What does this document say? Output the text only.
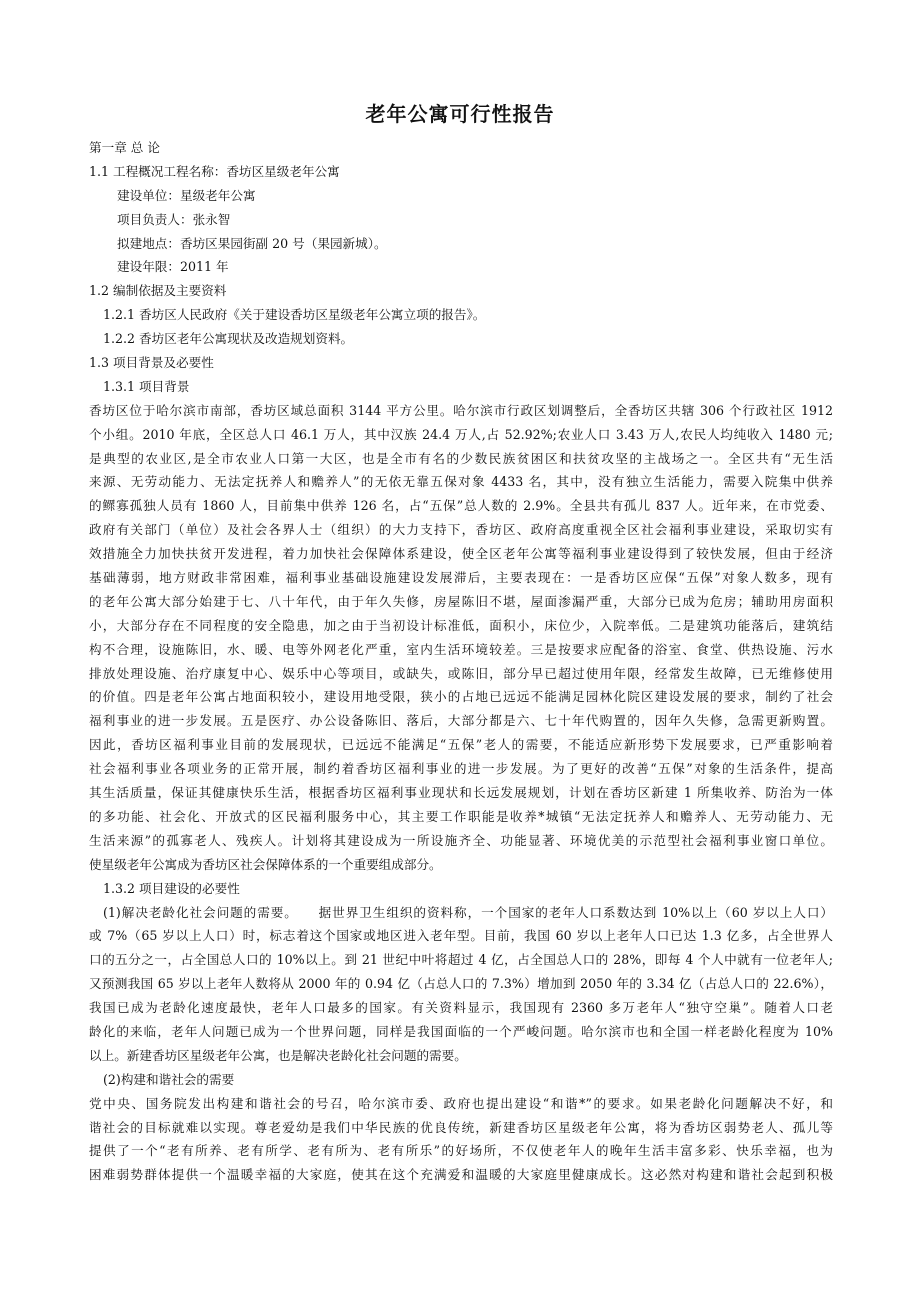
老年公寓可行性报告
第一章 总 论
1.1 工程概况工程名称：香坊区星级老年公寓
建设单位：星级老年公寓
项目负责人：张永智
拟建地点：香坊区果园街副 20 号（果园新城）。
建设年限：2011 年
1.2 编制依据及主要资料
1.2.1 香坊区人民政府《关于建设香坊区星级老年公寓立项的报告》。
1.2.2 香坊区老年公寓现状及改造规划资料。
1.3 项目背景及必要性
1.3.1 项目背景
香坊区位于哈尔滨市南部，香坊区域总面积 3144 平方公里。哈尔滨市行政区划调整后，全香坊区共辖 306 个行政社区 1912
个小组。2010 年底，全区总人口 46.1 万人，其中汉族 24.4 万人,占 52.92%;农业人口 3.43 万人,农民人均纯收入 1480 元;
是典型的农业区,是全市农业人口第一大区，也是全市有名的少数民族贫困区和扶贫攻坚的主战场之一。全区共有“无生活
来源、无劳动能力、无法定抚养人和赡养人”的无依无靠五保对象 4433 名，其中，没有独立生活能力，需要入院集中供养
的鳏寡孤独人员有 1860 人，目前集中供养 126 名，占“五保”总人数的 2.9%。全县共有孤儿 837 人。近年来，在市党委、
政府有关部门（单位）及社会各界人士（组织）的大力支持下，香坊区、政府高度重视全区社会福利事业建设，采取切实有
效措施全力加快扶贫开发进程，着力加快社会保障体系建设，使全区老年公寓等福利事业建设得到了较快发展，但由于经济
基础薄弱，地方财政非常困难，福利事业基础设施建设发展滞后，主要表现在：一是香坊区应保“五保”对象人数多，现有
的老年公寓大部分始建于七、八十年代，由于年久失修，房屋陈旧不堪，屋面渗漏严重，大部分已成为危房；辅助用房面积
小，大部分存在不同程度的安全隐患，加之由于当初设计标准低，面积小，床位少，入院率低。二是建筑功能落后，建筑结
构不合理，设施陈旧，水、暖、电等外网老化严重，室内生活环境较差。三是按要求应配备的浴室、食堂、供热设施、污水
排放处理设施、治疗康复中心、娱乐中心等项目，或缺失，或陈旧，部分早已超过使用年限，经常发生故障，已无维修使用
的价值。四是老年公寓占地面积较小，建设用地受限，狭小的占地已远远不能满足园林化院区建设发展的要求，制约了社会
福利事业的进一步发展。五是医疗、办公设备陈旧、落后，大部分都是六、七十年代购置的，因年久失修，急需更新购置。
因此，香坊区福利事业目前的发展现状，已远远不能满足“五保”老人的需要，不能适应新形势下发展要求，已严重影响着
社会福利事业各项业务的正常开展，制约着香坊区福利事业的进一步发展。为了更好的改善“五保”对象的生活条件，提高
其生活质量，保证其健康快乐生活，根据香坊区福利事业现状和长远发展规划，计划在香坊区新建 1 所集收养、防治为一体
的多功能、社会化、开放式的区民福利服务中心，其主要工作职能是收养*城镇“无法定抚养人和赡养人、无劳动能力、无
生活来源”的孤寡老人、残疾人。计划将其建设成为一所设施齐全、功能显著、环境优美的示范型社会福利事业窗口单位。
使星级老年公寓成为香坊区社会保障体系的一个重要组成部分。
1.3.2 项目建设的必要性
(1)解决老龄化社会问题的需要。　　据世界卫生组织的资料称，一个国家的老年人口系数达到 10%以上（60 岁以上人口）
或 7%（65 岁以上人口）时，标志着这个国家或地区进入老年型。目前，我国 60 岁以上老年人口已达 1.3 亿多，占全世界人
口的五分之一，占全国总人口的 10%以上。到 21 世纪中叶将超过 4 亿，占全国总人口的 28%，即每 4 个人中就有一位老年人;
又预测我国 65 岁以上老年人数将从 2000 年的 0.94 亿（占总人口的 7.3%）增加到 2050 年的 3.34 亿（占总人口的 22.6%），
我国已成为老龄化速度最快，老年人口最多的国家。有关资料显示，我国现有 2360 多万老年人“独守空巢”。随着人口老
龄化的来临，老年人问题已成为一个世界问题，同样是我国面临的一个严峻问题。哈尔滨市也和全国一样老龄化程度为 10%
以上。新建香坊区星级老年公寓，也是解决老龄化社会问题的需要。
(2)构建和谐社会的需要
党中央、国务院发出构建和谐社会的号召，哈尔滨市委、政府也提出建设“和谐*”的要求。如果老龄化问题解决不好，和
谐社会的目标就难以实现。尊老爱幼是我们中华民族的优良传统，新建香坊区星级老年公寓，将为香坊区弱势老人、孤儿等
提供了一个“老有所养、老有所学、老有所为、老有所乐”的好场所，不仅使老年人的晚年生活丰富多彩、快乐幸福，也为
困难弱势群体提供一个温暖幸福的大家庭，使其在这个充满爱和温暖的大家庭里健康成长。这必然对构建和谐社会起到积极
